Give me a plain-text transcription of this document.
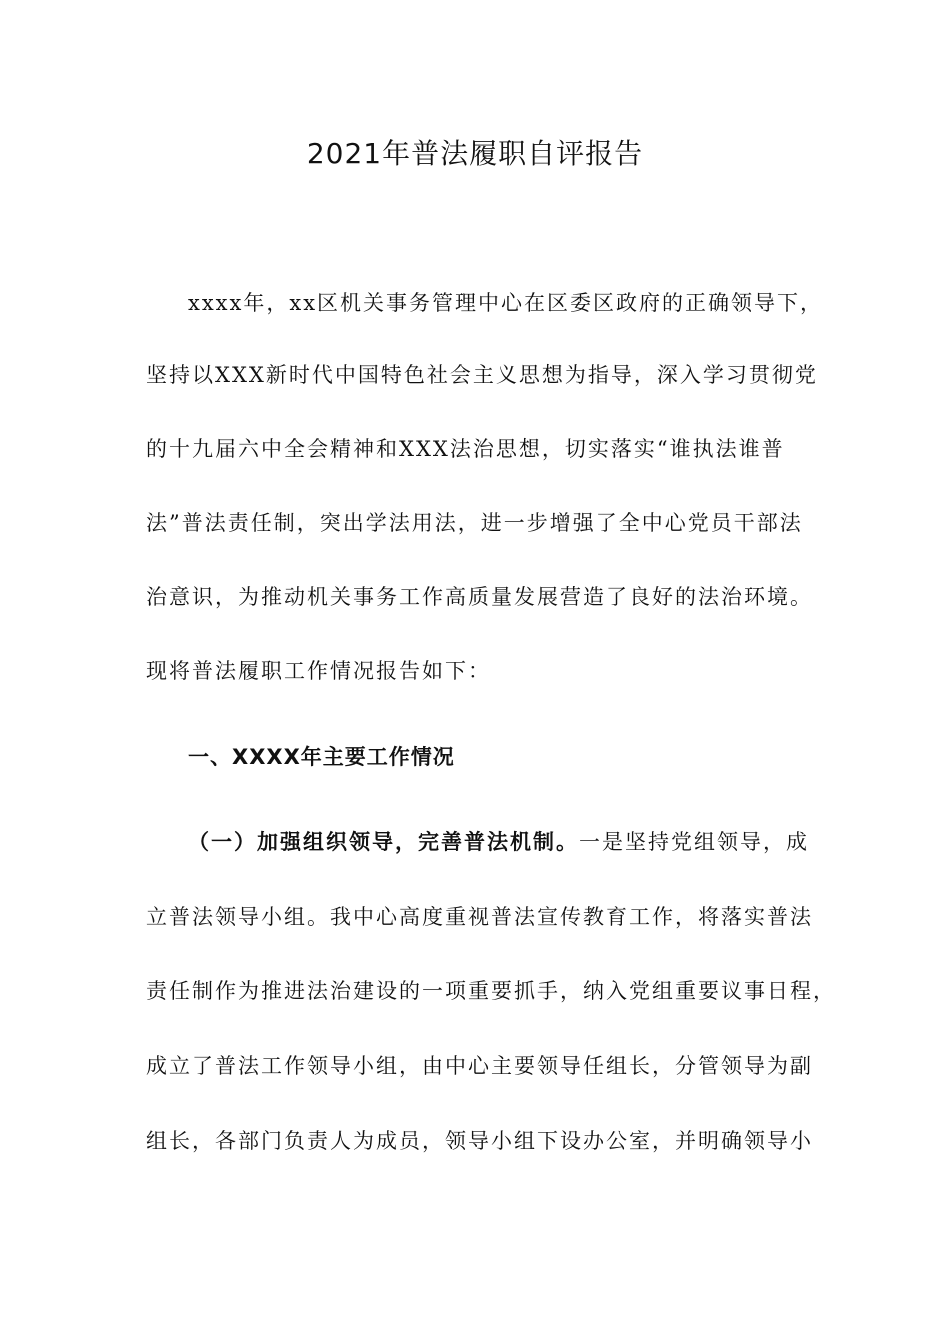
2021年普法履职自评报告
xxxx年，xx区机关事务管理中心在区委区政府的正确领导下，
坚持以XXX新时代中国特色社会主义思想为指导，深入学习贯彻党
的十九届六中全会精神和XXX法治思想，切实落实“谁执法谁普
法”普法责任制，突出学法用法，进一步增强了全中心党员干部法
治意识，为推动机关事务工作高质量发展营造了良好的法治环境。
现将普法履职工作情况报告如下：
一、XXXX年主要工作情况
（一）加强组织领导，完善普法机制。一是坚持党组领导，成
立普法领导小组。我中心高度重视普法宣传教育工作，将落实普法
责任制作为推进法治建设的一项重要抓手，纳入党组重要议事日程，
成立了普法工作领导小组，由中心主要领导任组长，分管领导为副
组长，各部门负责人为成员，领导小组下设办公室，并明确领导小
